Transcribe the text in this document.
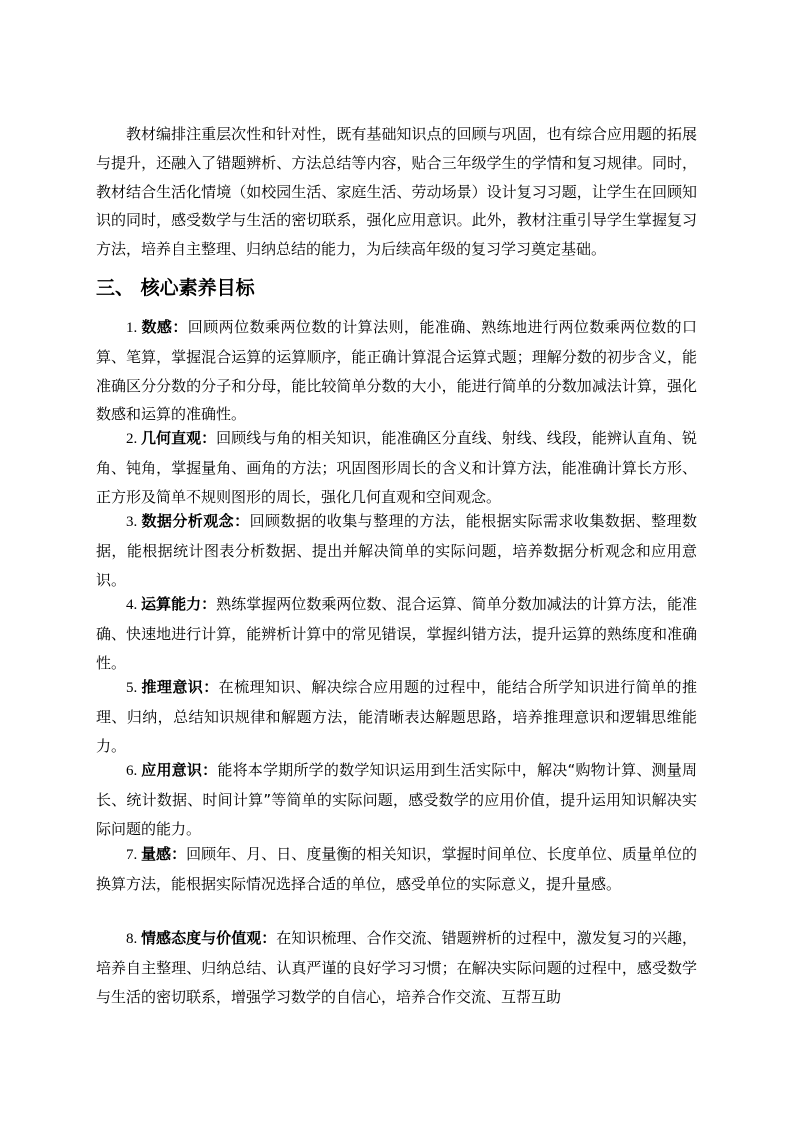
教材编排注重层次性和针对性，既有基础知识点的回顾与巩固，也有综合应用题的拓展与提升，还融入了错题辨析、方法总结等内容，贴合三年级学生的学情和复习规律。同时，教材结合生活化情境（如校园生活、家庭生活、劳动场景）设计复习习题，让学生在回顾知识的同时，感受数学与生活的密切联系，强化应用意识。此外，教材注重引导学生掌握复习方法，培养自主整理、归纳总结的能力，为后续高年级的复习学习奠定基础。

三、 核心素养目标

1. 数感：回顾两位数乘两位数的计算法则，能准确、熟练地进行两位数乘两位数的口算、笔算，掌握混合运算的运算顺序，能正确计算混合运算式题；理解分数的初步含义，能准确区分分数的分子和分母，能比较简单分数的大小，能进行简单的分数加减法计算，强化数感和运算的准确性。

2. 几何直观：回顾线与角的相关知识，能准确区分直线、射线、线段，能辨认直角、锐角、钝角，掌握量角、画角的方法；巩固图形周长的含义和计算方法，能准确计算长方形、正方形及简单不规则图形的周长，强化几何直观和空间观念。

3. 数据分析观念：回顾数据的收集与整理的方法，能根据实际需求收集数据、整理数据，能根据统计图表分析数据、提出并解决简单的实际问题，培养数据分析观念和应用意识。

4. 运算能力：熟练掌握两位数乘两位数、混合运算、简单分数加减法的计算方法，能准确、快速地进行计算，能辨析计算中的常见错误，掌握纠错方法，提升运算的熟练度和准确性。

5. 推理意识：在梳理知识、解决综合应用题的过程中，能结合所学知识进行简单的推理、归纳，总结知识规律和解题方法，能清晰表达解题思路，培养推理意识和逻辑思维能力。

6. 应用意识：能将本学期所学的数学知识运用到生活实际中，解决“购物计算、测量周长、统计数据、时间计算”等简单的实际问题，感受数学的应用价值，提升运用知识解决实际问题的能力。

7. 量感：回顾年、月、日、度量衡的相关知识，掌握时间单位、长度单位、质量单位的换算方法，能根据实际情况选择合适的单位，感受单位的实际意义，提升量感。

8. 情感态度与价值观：在知识梳理、合作交流、错题辨析的过程中，激发复习的兴趣，培养自主整理、归纳总结、认真严谨的良好学习习惯；在解决实际问题的过程中，感受数学与生活的密切联系，增强学习数学的自信心，培养合作交流、互帮互助
